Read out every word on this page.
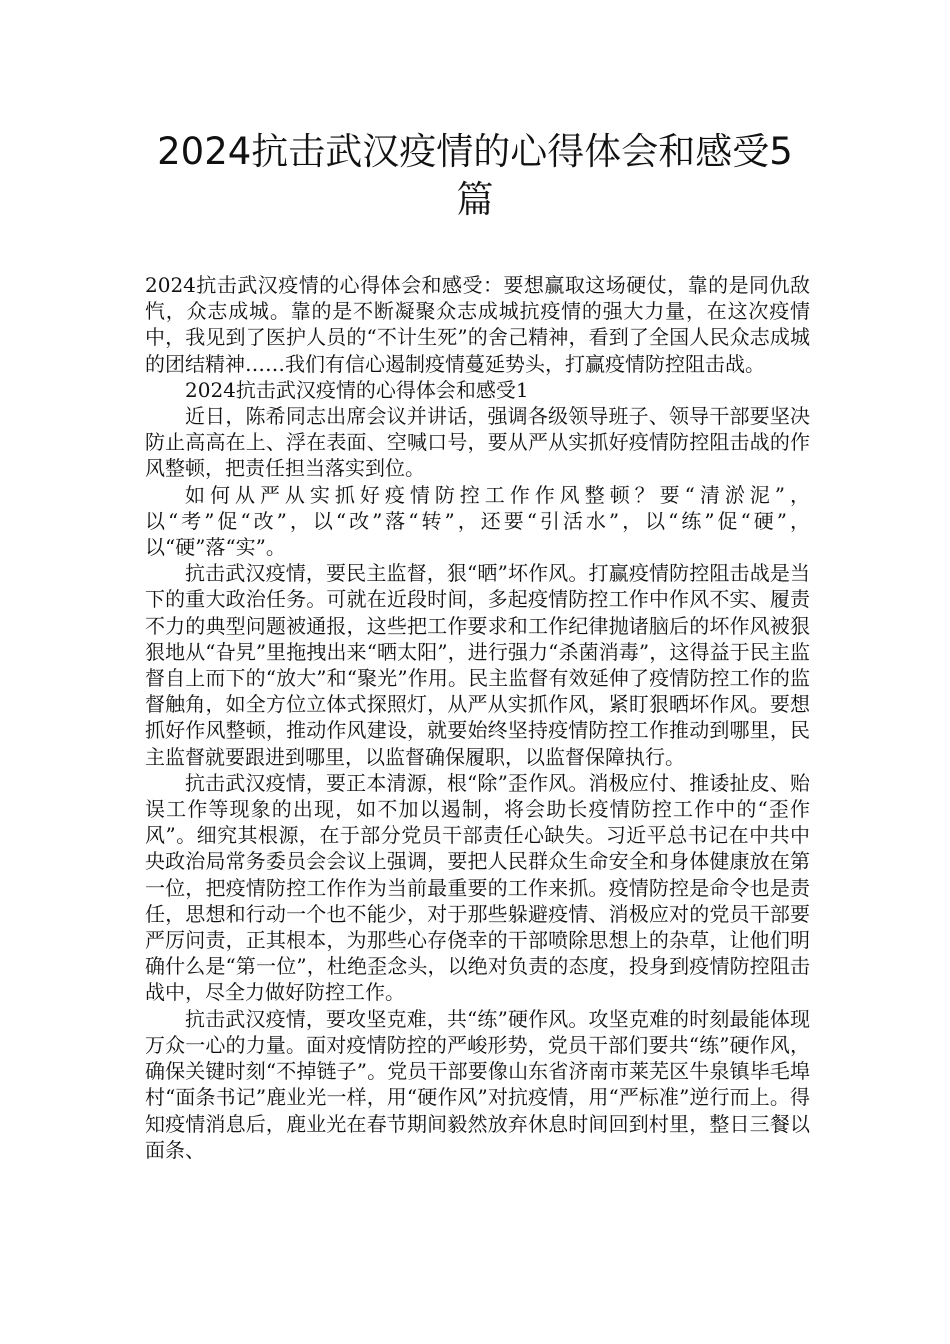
2024抗击武汉疫情的心得体会和感受5篇

2024抗击武汉疫情的心得体会和感受：要想赢取这场硬仗，靠的是同仇敌忾，众志成城。靠的是不断凝聚众志成城抗疫情的强大力量，在这次疫情中，我见到了医护人员的“不计生死”的舍己精神，看到了全国人民众志成城的团结精神……我们有信心遏制疫情蔓延势头，打赢疫情防控阻击战。

2024抗击武汉疫情的心得体会和感受1

近日，陈希同志出席会议并讲话，强调各级领导班子、领导干部要坚决防止高高在上、浮在表面、空喊口号，要从严从实抓好疫情防控阻击战的作风整顿，把责任担当落实到位。

如何从严从实抓好疫情防控工作作风整顿？要“清淤泥”，以“考”促“改”，以“改”落“转”，还要“引活水”，以“练”促“硬”，以“硬”落“实”。

抗击武汉疫情，要民主监督，狠“晒”坏作风。打赢疫情防控阻击战是当下的重大政治任务。可就在近段时间，多起疫情防控工作中作风不实、履责不力的典型问题被通报，这些把工作要求和工作纪律抛诸脑后的坏作风被狠狠地从“旮旯”里拖拽出来“晒太阳”，进行强力“杀菌消毒”，这得益于民主监督自上而下的“放大”和“聚光”作用。民主监督有效延伸了疫情防控工作的监督触角，如全方位立体式探照灯，从严从实抓作风，紧盯狠晒坏作风。要想抓好作风整顿，推动作风建设，就要始终坚持疫情防控工作推动到哪里，民主监督就要跟进到哪里，以监督确保履职，以监督保障执行。

抗击武汉疫情，要正本清源，根“除”歪作风。消极应付、推诿扯皮、贻误工作等现象的出现，如不加以遏制，将会助长疫情防控工作中的“歪作风”。细究其根源，在于部分党员干部责任心缺失。习近平总书记在中共中央政治局常务委员会会议上强调，要把人民群众生命安全和身体健康放在第一位，把疫情防控工作作为当前最重要的工作来抓。疫情防控是命令也是责任，思想和行动一个也不能少，对于那些躲避疫情、消极应对的党员干部要严厉问责，正其根本，为那些心存侥幸的干部喷除思想上的杂草，让他们明确什么是“第一位”，杜绝歪念头，以绝对负责的态度，投身到疫情防控阻击战中，尽全力做好防控工作。

抗击武汉疫情，要攻坚克难，共“练”硬作风。攻坚克难的时刻最能体现万众一心的力量。面对疫情防控的严峻形势，党员干部们要共“练”硬作风，确保关键时刻“不掉链子”。党员干部要像山东省济南市莱芜区牛泉镇毕毛埠村“面条书记”鹿业光一样，用“硬作风”对抗疫情，用“严标准”逆行而上。得知疫情消息后，鹿业光在春节期间毅然放弃休息时间回到村里，整日三餐以面条、
